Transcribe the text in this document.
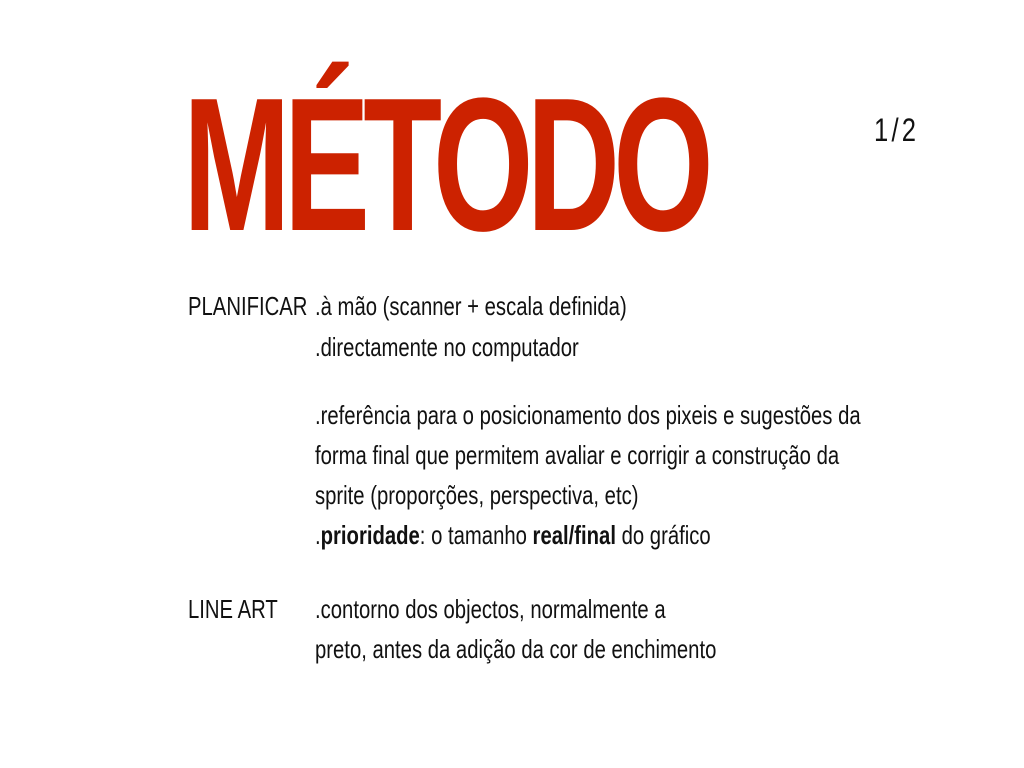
MÉTODO	1/2
PLANIFICAR .à mão (scanner + escala definida)
.directamente no computador
.referência para o posicionamento dos pixeis e sugestões da
forma final que permitem avaliar e corrigir a construção da
sprite (proporções, perspectiva, etc)
.prioridade: o tamanho real/final do gráfico
LINE ART .contorno dos objectos, normalmente a
preto, antes da adição da cor de enchimento
